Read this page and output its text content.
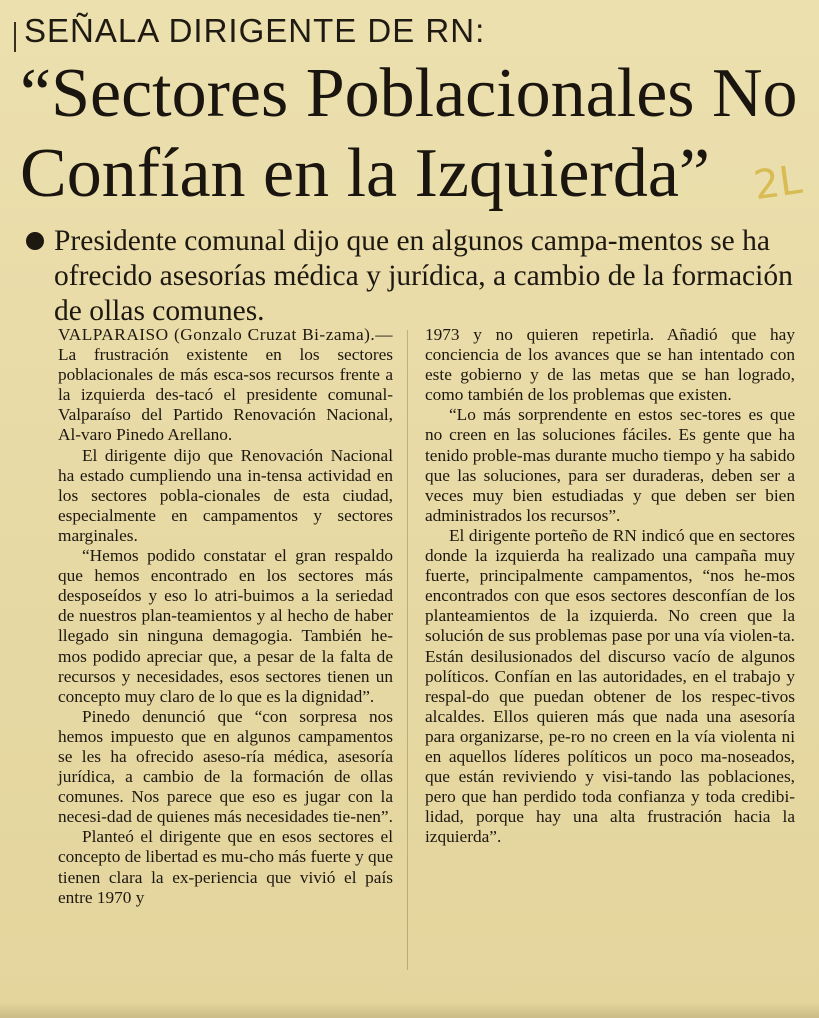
SEÑALA DIRIGENTE DE RN:
“Sectores Poblacionales No
Confían en la Izquierda”	2L
Presidente comunal dijo que en algunos campa-mentos se ha ofrecido asesorías médica y jurídica, a cambio de la formación de ollas comunes.

VALPARAISO (Gonzalo Cruzat Bi-zama).— La frustración existente en los sectores poblacionales de más esca-sos recursos frente a la izquierda des-tacó el presidente comunal-Valparaíso del Partido Renovación Nacional, Al-varo Pinedo Arellano.

El dirigente dijo que Renovación Nacional ha estado cumpliendo una in-tensa actividad en los sectores pobla-cionales de esta ciudad, especialmente en campamentos y sectores marginales.

“Hemos podido constatar el gran respaldo que hemos encontrado en los sectores más desposeídos y eso lo atri-buimos a la seriedad de nuestros plan-teamientos y al hecho de haber llegado sin ninguna demagogia. También he-mos podido apreciar que, a pesar de la falta de recursos y necesidades, esos sectores tienen un concepto muy claro de lo que es la dignidad”.

Pinedo denunció que “con sorpresa nos hemos impuesto que en algunos campamentos se les ha ofrecido aseso-ría médica, asesoría jurídica, a cambio de la formación de ollas comunes. Nos parece que eso es jugar con la necesi-dad de quienes más necesidades tie-nen”.

Planteó el dirigente que en esos sectores el concepto de libertad es mu-cho más fuerte y que tienen clara la ex-periencia que vivió el país entre 1970 y

1973 y no quieren repetirla. Añadió que hay conciencia de los avances que se han intentado con este gobierno y de las metas que se han logrado, como también de los problemas que existen.

“Lo más sorprendente en estos sec-tores es que no creen en las soluciones fáciles. Es gente que ha tenido proble-mas durante mucho tiempo y ha sabido que las soluciones, para ser duraderas, deben ser a veces muy bien estudiadas y que deben ser bien administrados los recursos”.

El dirigente porteño de RN indicó que en sectores donde la izquierda ha realizado una campaña muy fuerte, principalmente campamentos, “nos he-mos encontrados con que esos sectores desconfían de los planteamientos de la izquierda. No creen que la solución de sus problemas pase por una vía violen-ta. Están desilusionados del discurso vacío de algunos políticos. Confían en las autoridades, en el trabajo y respal-do que puedan obtener de los respec-tivos alcaldes. Ellos quieren más que nada una asesoría para organizarse, pe-ro no creen en la vía violenta ni en aquellos líderes políticos un poco ma-noseados, que están reviviendo y visi-tando las poblaciones, pero que han perdido toda confianza y toda credibi-lidad, porque hay una alta frustración hacia la izquierda”.
